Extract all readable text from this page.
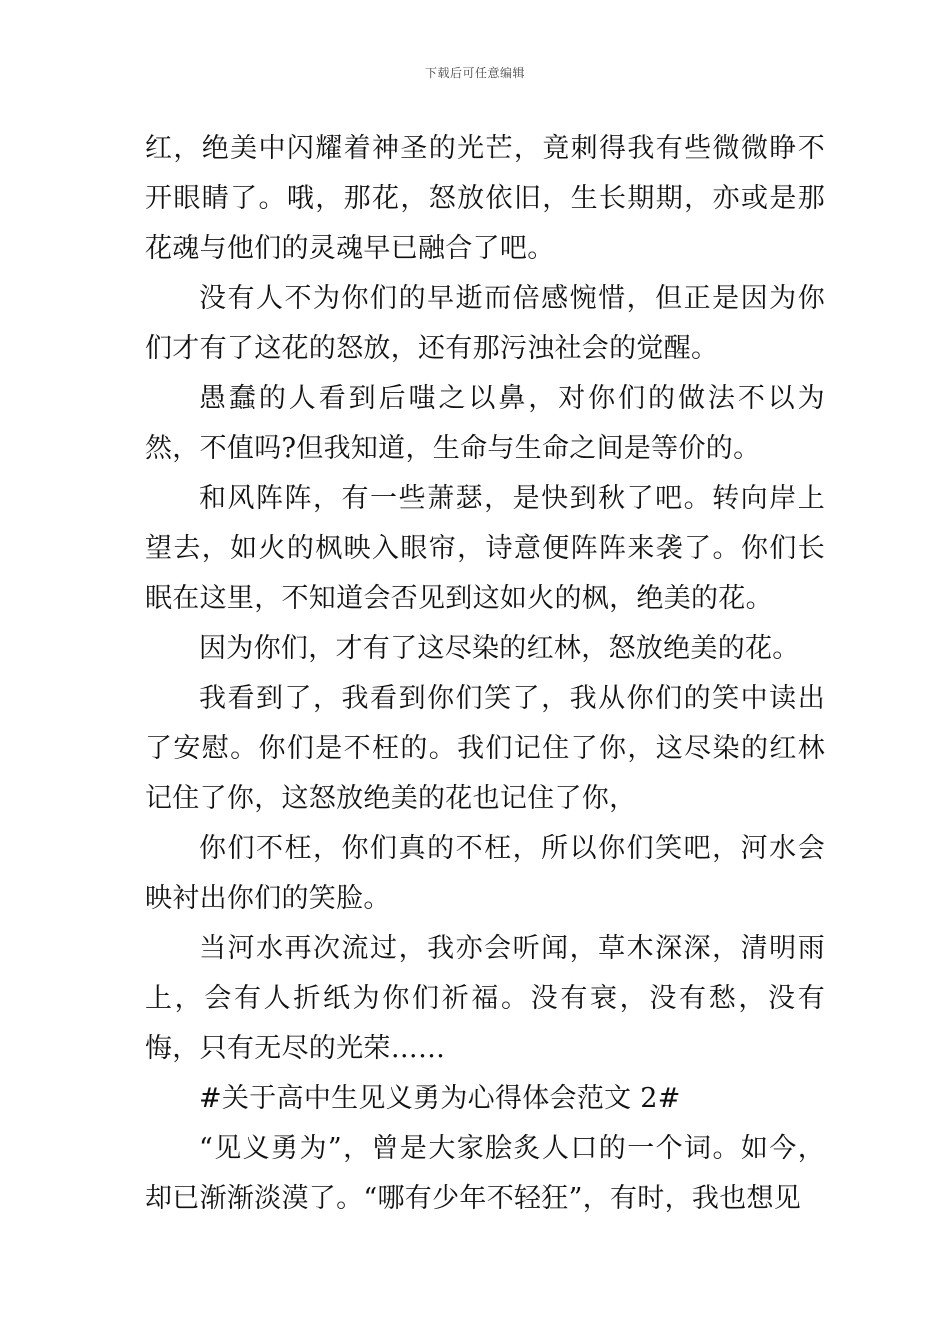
下载后可任意编辑

红，绝美中闪耀着神圣的光芒，竟刺得我有些微微睁不开眼睛了。哦，那花，怒放依旧，生长期期，亦或是那花魂与他们的灵魂早已融合了吧。

没有人不为你们的早逝而倍感惋惜，但正是因为你们才有了这花的怒放，还有那污浊社会的觉醒。

愚蠢的人看到后嗤之以鼻，对你们的做法不以为然，不值吗?但我知道，生命与生命之间是等价的。

和风阵阵，有一些萧瑟，是快到秋了吧。转向岸上望去，如火的枫映入眼帘，诗意便阵阵来袭了。你们长眠在这里，不知道会否见到这如火的枫，绝美的花。

因为你们，才有了这尽染的红林，怒放绝美的花。

我看到了，我看到你们笑了，我从你们的笑中读出了安慰。你们是不枉的。我们记住了你，这尽染的红林记住了你，这怒放绝美的花也记住了你，

你们不枉，你们真的不枉，所以你们笑吧，河水会映衬出你们的笑脸。

当河水再次流过，我亦会听闻，草木深深，清明雨上，会有人折纸为你们祈福。没有衰，没有愁，没有悔，只有无尽的光荣……

#关于高中生见义勇为心得体会范文 2#

“见义勇为”，曾是大家脍炙人口的一个词。如今，却已渐渐淡漠了。“哪有少年不轻狂”，有时，我也想见
